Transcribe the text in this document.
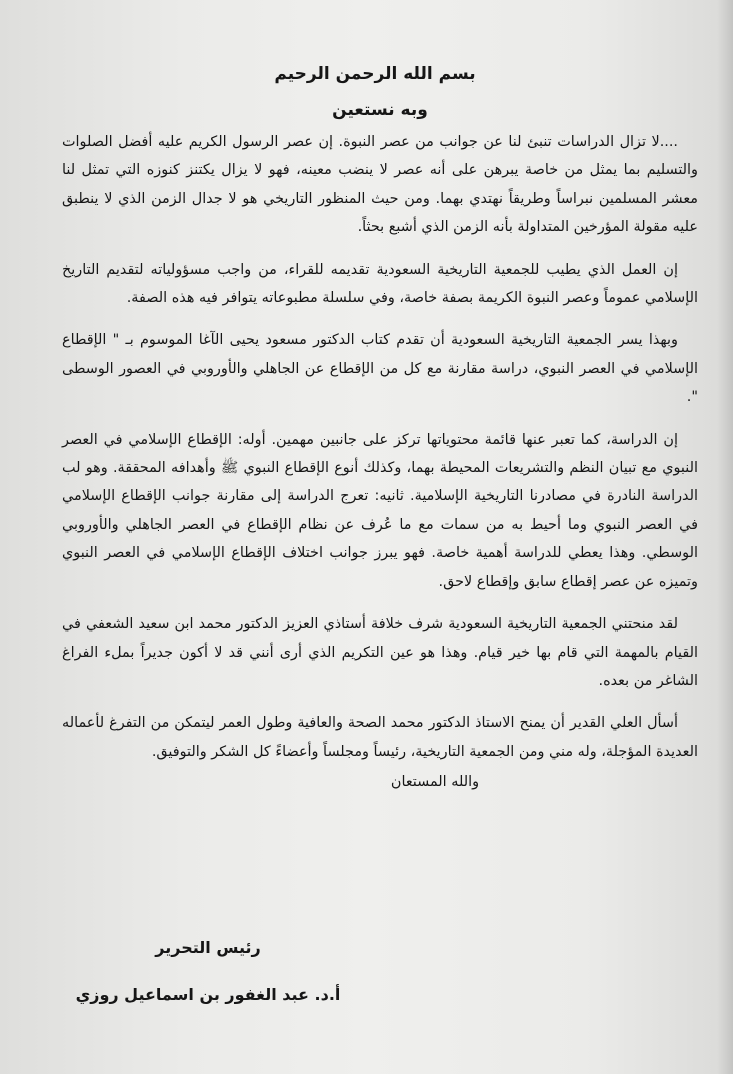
بسم الله الرحمن الرحيم
وبه نستعين

....لا تزال الدراسات تنبئ لنا عن جوانب من عصر النبوة. إن عصر الرسول الكريم عليه أفضل الصلوات والتسليم بما يمثل من خاصة يبرهن على أنه عصر لا ينضب معينه، فهو لا يزال يكتنز كنوزه التي تمثل لنا معشر المسلمين نبراساً وطريقاً نهتدي بهما. ومن حيث المنظور التاريخي هو لا جدال الزمن الذي لا ينطبق عليه مقولة المؤرخين المتداولة بأنه الزمن الذي أشبع بحثاً.

إن العمل الذي يطيب للجمعية التاريخية السعودية تقديمه للقراء، من واجب مسؤولياته لتقديم التاريخ الإسلامي عموماً وعصر النبوة الكريمة بصفة خاصة، وفي سلسلة مطبوعاته يتوافر فيه هذه الصفة.

وبهذا يسر الجمعية التاريخية السعودية أن تقدم كتاب الدكتور مسعود يحيى الآغا الموسوم بـ " الإقطاع الإسلامي في العصر النبوي، دراسة مقارنة مع كل من الإقطاع عن الجاهلي والأوروبي في العصور الوسطى ".

إن الدراسة، كما تعبر عنها قائمة محتوياتها تركز على جانبين مهمين. أوله: الإقطاع الإسلامي في العصر النبوي مع تبيان النظم والتشريعات المحيطة بهما، وكذلك أنوع الإقطاع النبوي ﷺ وأهدافه المحققة. وهو لب الدراسة النادرة في مصادرنا التاريخية الإسلامية. ثانيه: تعرج الدراسة إلى مقارنة جوانب الإقطاع الإسلامي في العصر النبوي وما أحيط به من سمات مع ما عُرف عن نظام الإقطاع في العصر الجاهلي والأوروبي الوسطي. وهذا يعطي للدراسة أهمية خاصة. فهو يبرز جوانب اختلاف الإقطاع الإسلامي في العصر النبوي وتميزه عن عصر إقطاع سابق وإقطاع لاحق.

لقد منحتني الجمعية التاريخية السعودية شرف خلافة أستاذي العزيز الدكتور محمد ابن سعيد الشعفي في القيام بالمهمة التي قام بها خير قيام. وهذا هو عين التكريم الذي أرى أنني قد لا أكون جديراً بملء الفراغ الشاغر من بعده.

أسأل العلي القدير أن يمنح الاستاذ الدكتور محمد الصحة والعافية وطول العمر ليتمكن من التفرغ لأعماله العديدة المؤجلة، وله مني ومن الجمعية التاريخية، رئيساً ومجلساً وأعضاءً كل الشكر والتوفيق.

والله المستعان
رئيس التحرير
أ.د. عبد الغفور بن اسماعيل روزي
